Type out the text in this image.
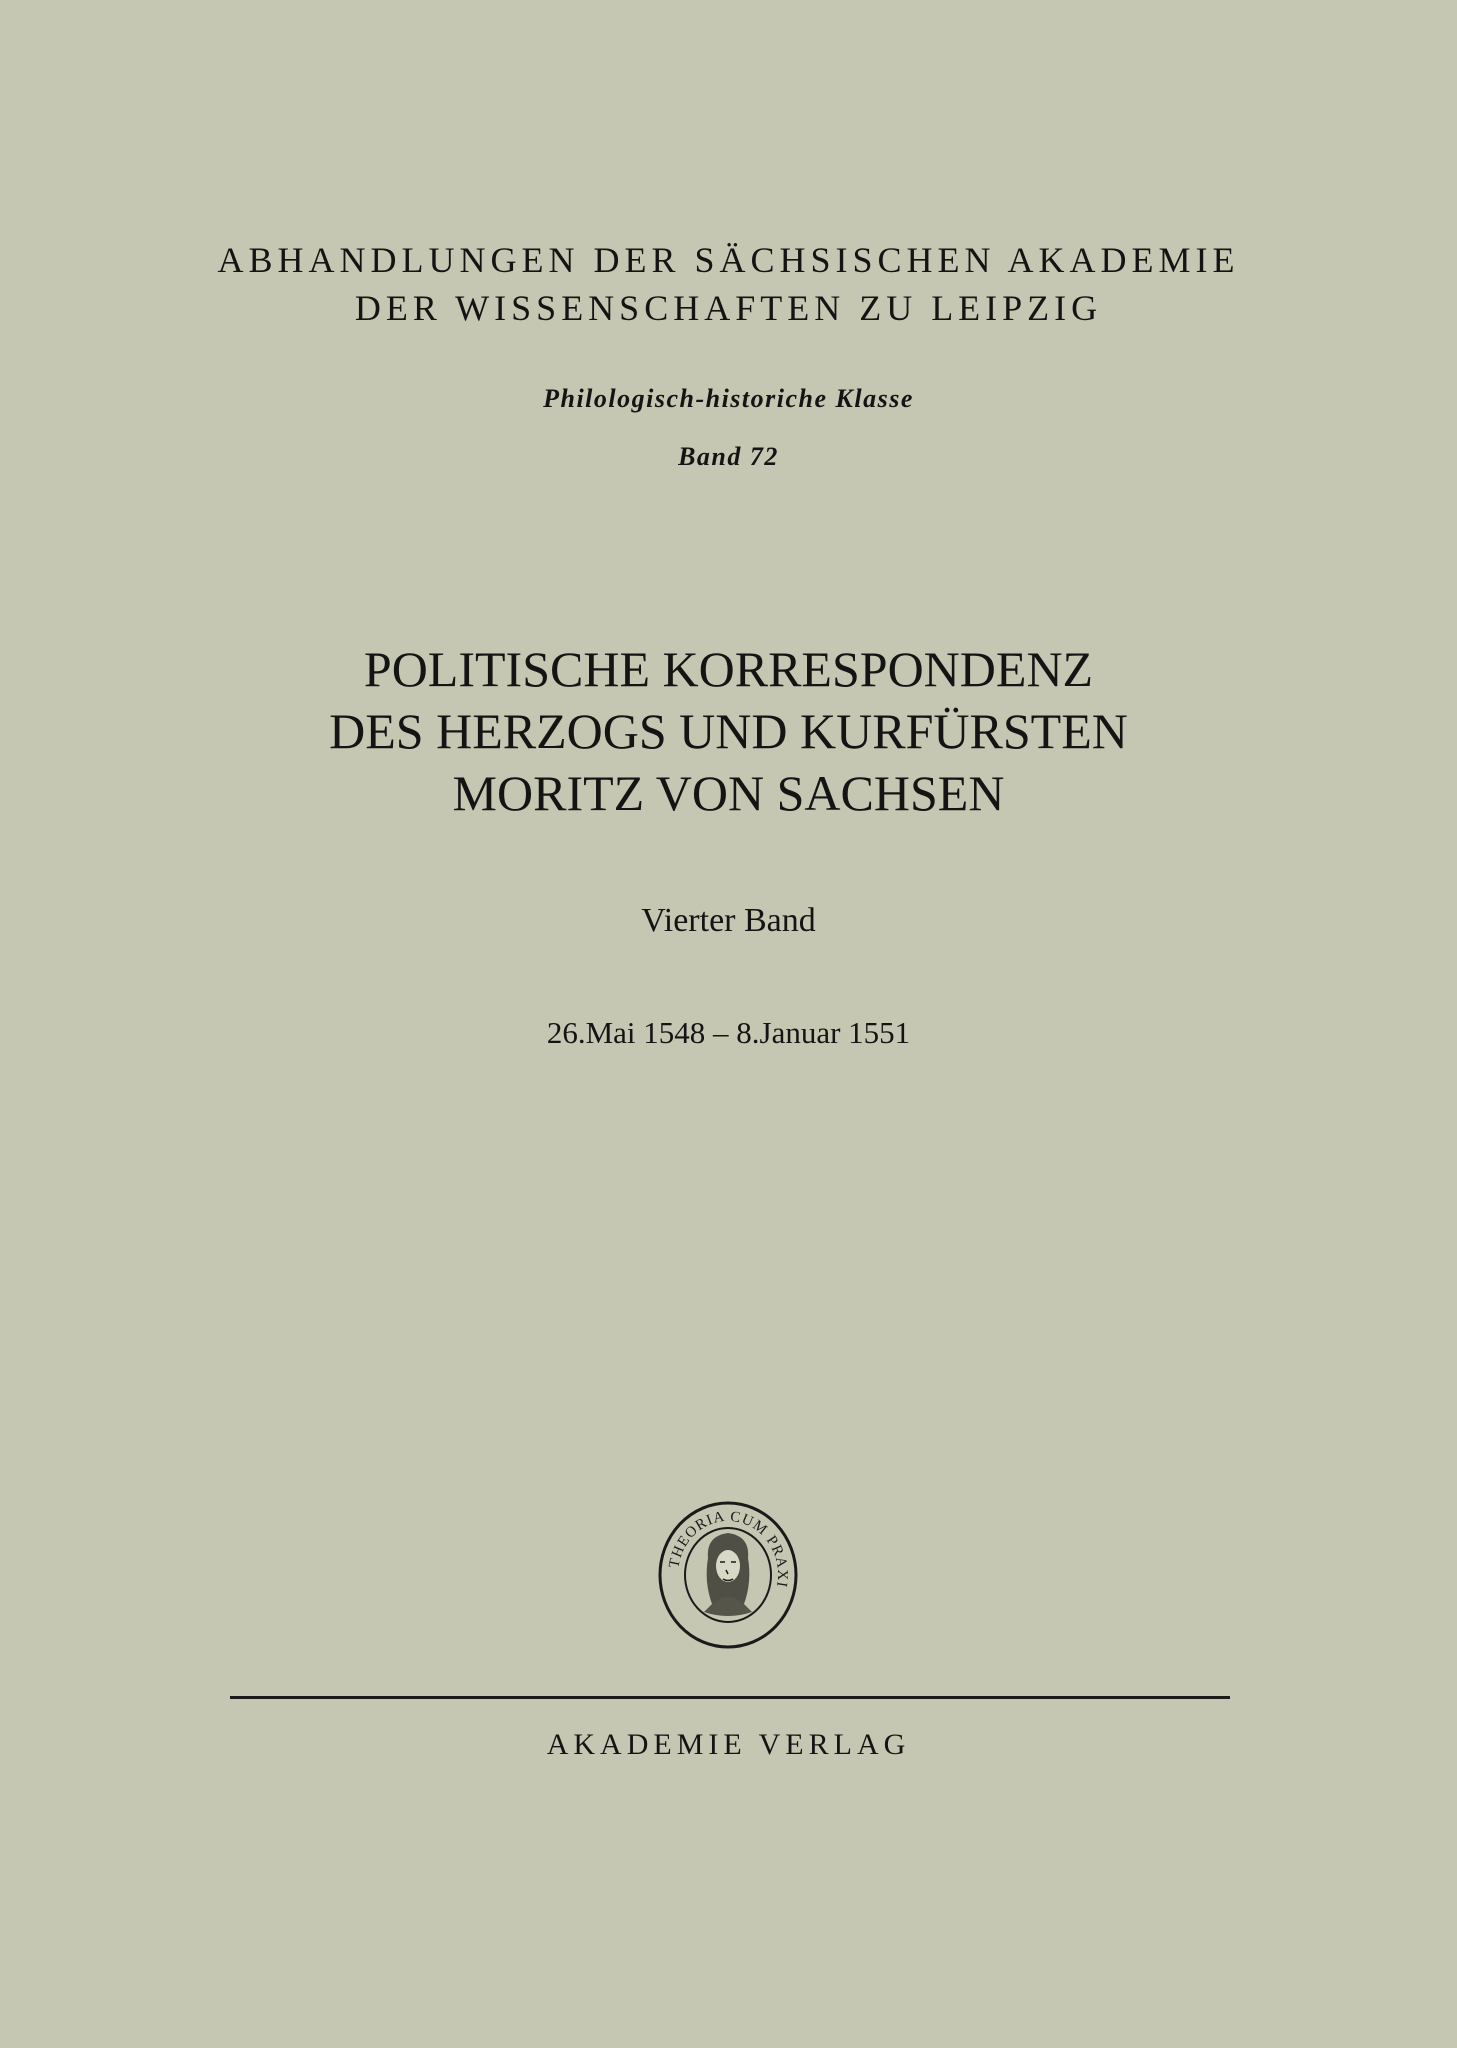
ABHANDLUNGEN DER SÄCHSISCHEN AKADEMIE
DER WISSENSCHAFTEN ZU LEIPZIG
Philologisch-historiche Klasse
Band 72
POLITISCHE KORRESPONDENZ
DES HERZOGS UND KURFÜRSTEN
MORITZ VON SACHSEN
Vierter Band
26.Mai 1548 – 8.Januar 1551
THEORIA CUM PRAXI
AKADEMIE VERLAG
